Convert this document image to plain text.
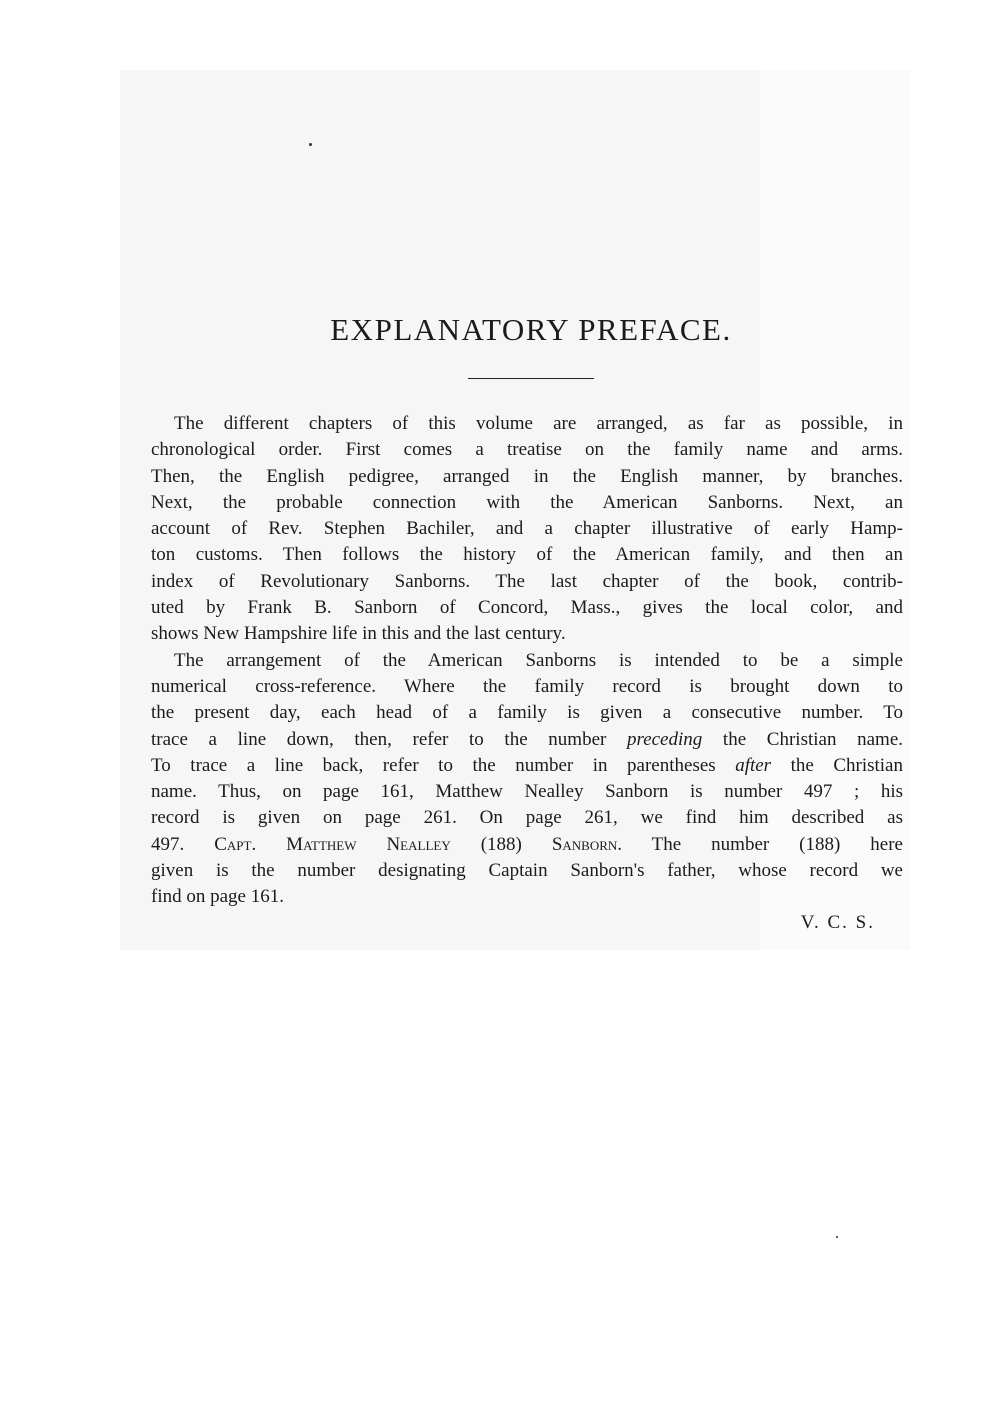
EXPLANATORY PREFACE.
The different chapters of this volume are arranged, as far as possible, in
chronological order. First comes a treatise on the family name and arms.
Then, the English pedigree, arranged in the English manner, by branches.
Next, the probable connection with the American Sanborns. Next, an
account of Rev. Stephen Bachiler, and a chapter illustrative of early Hamp-
ton customs. Then follows the history of the American family, and then an
index of Revolutionary Sanborns. The last chapter of the book, contrib-
uted by Frank B. Sanborn of Concord, Mass., gives the local color, and
shows New Hampshire life in this and the last century.
The arrangement of the American Sanborns is intended to be a simple
numerical cross-reference. Where the family record is brought down to
the present day, each head of a family is given a consecutive number. To
trace a line down, then, refer to the number preceding the Christian name.
To trace a line back, refer to the number in parentheses after the Christian
name. Thus, on page 161, Matthew Nealley Sanborn is number 497 ; his
record is given on page 261. On page 261, we find him described as
497. Capt. Matthew Nealley (188) Sanborn. The number (188) here
given is the number designating Captain Sanborn's father, whose record we
find on page 161.
V. C. S.
